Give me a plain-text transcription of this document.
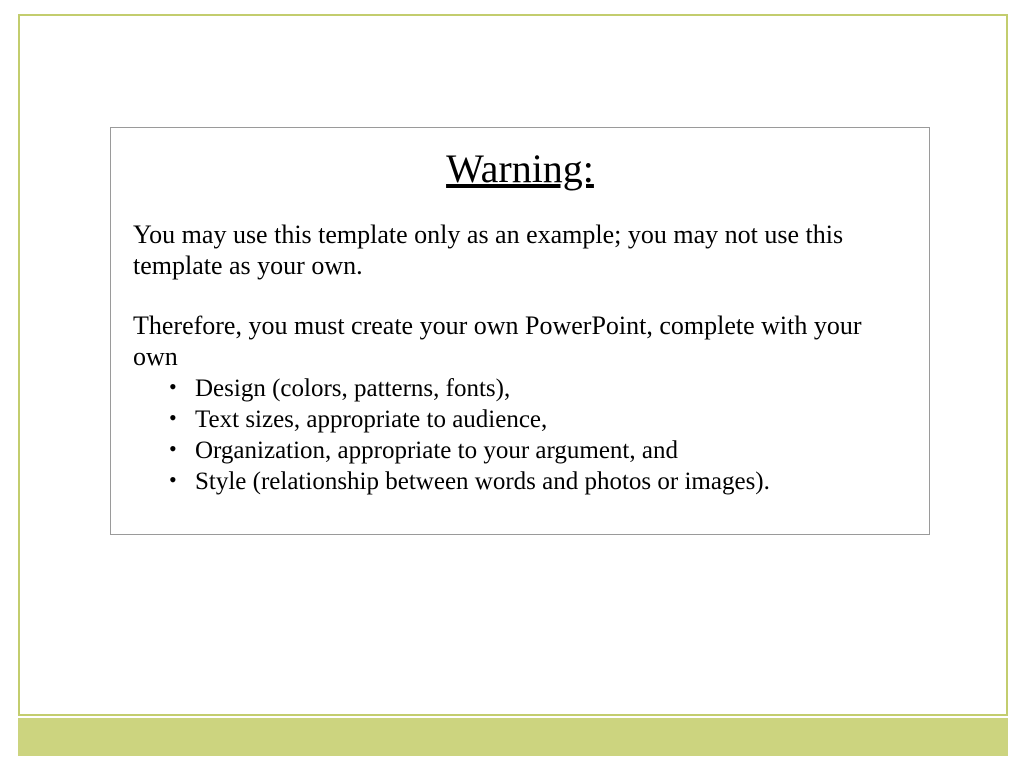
Warning:

You may use this template only as an example; you may not use this template as your own.

Therefore, you must create your own PowerPoint, complete with your own

• Design (colors, patterns, fonts),
• Text sizes, appropriate to audience,
• Organization, appropriate to your argument, and
• Style (relationship between words and photos or images).
